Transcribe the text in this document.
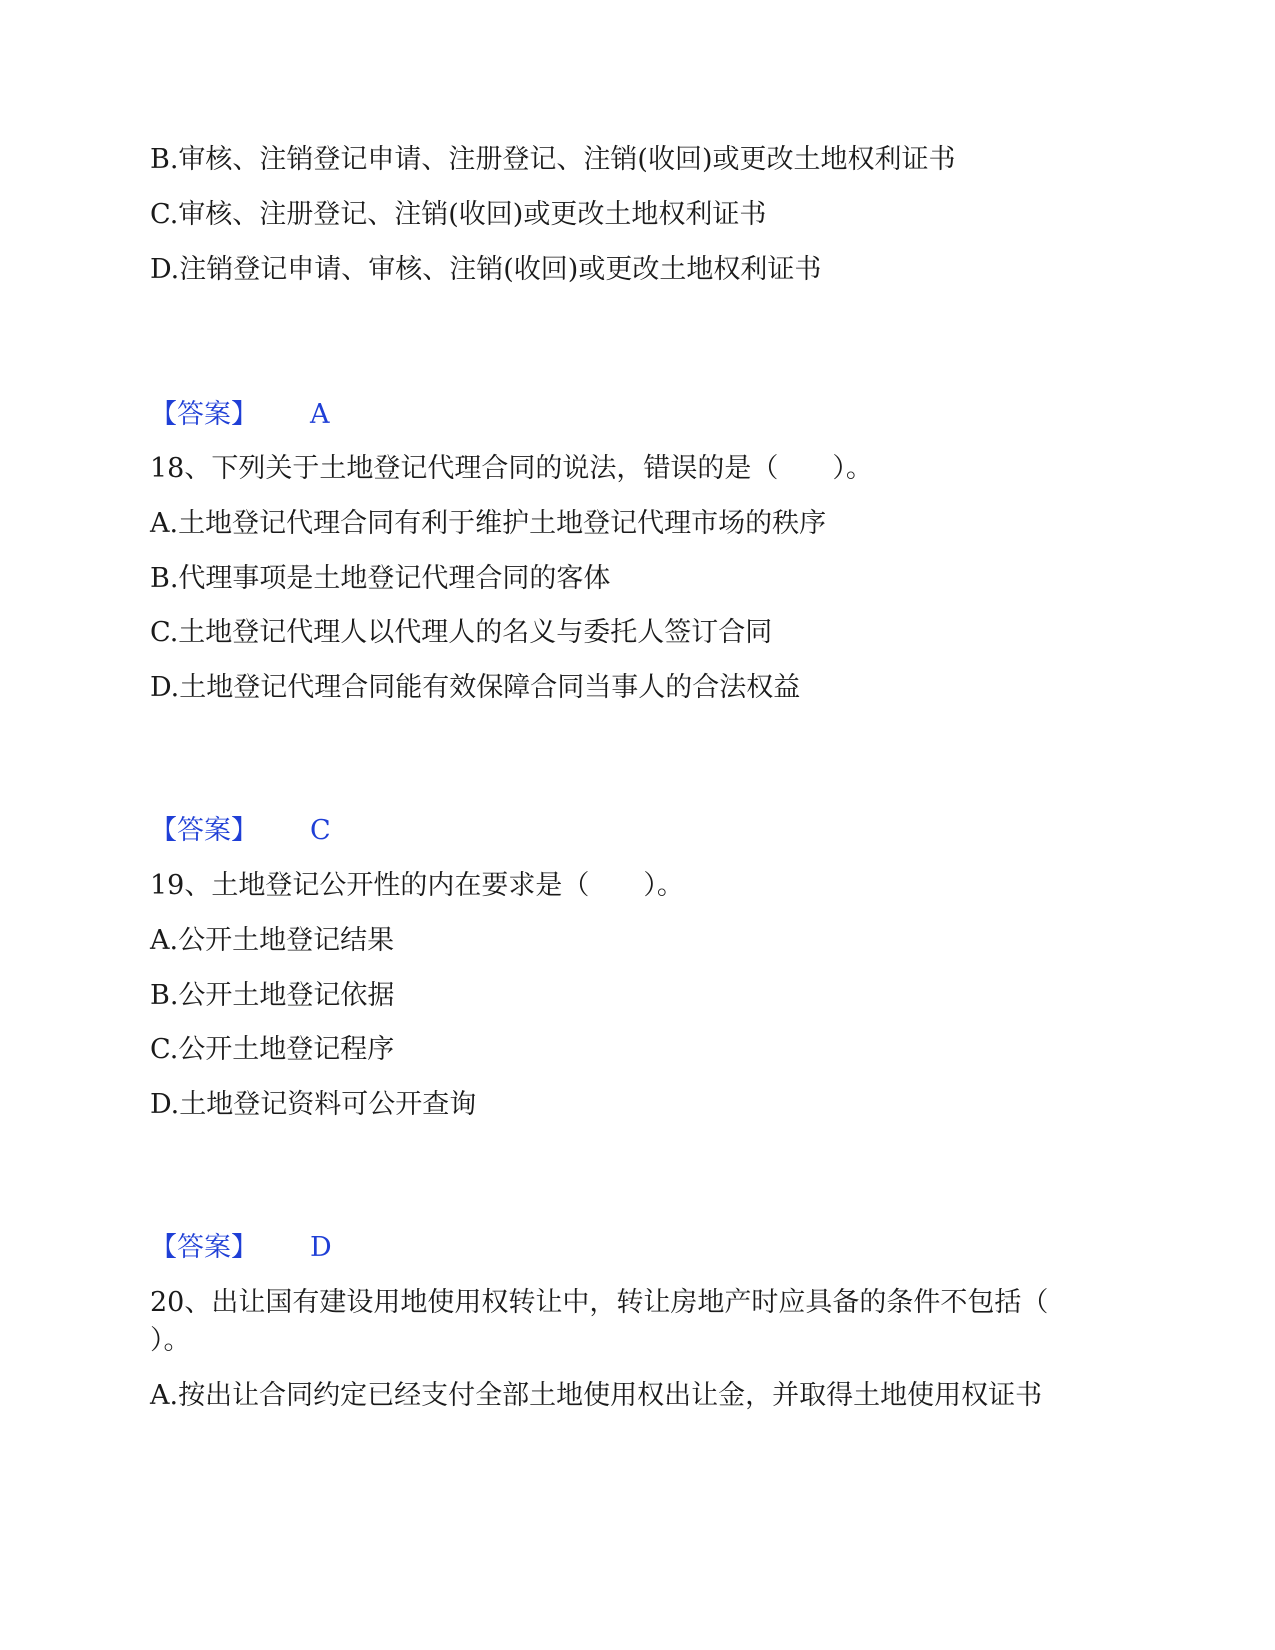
B.审核、注销登记申请、注册登记、注销(收回)或更改土地权利证书
C.审核、注册登记、注销(收回)或更改土地权利证书
D.注销登记申请、审核、注销(收回)或更改土地权利证书
【答案】 A
18、下列关于土地登记代理合同的说法，错误的是（　　）。
A.土地登记代理合同有利于维护土地登记代理市场的秩序
B.代理事项是土地登记代理合同的客体
C.土地登记代理人以代理人的名义与委托人签订合同
D.土地登记代理合同能有效保障合同当事人的合法权益
【答案】 C
19、土地登记公开性的内在要求是（　　）。
A.公开土地登记结果
B.公开土地登记依据
C.公开土地登记程序
D.土地登记资料可公开查询
【答案】 D
20、出让国有建设用地使用权转让中，转让房地产时应具备的条件不包括（
）。
A.按出让合同约定已经支付全部土地使用权出让金，并取得土地使用权证书
